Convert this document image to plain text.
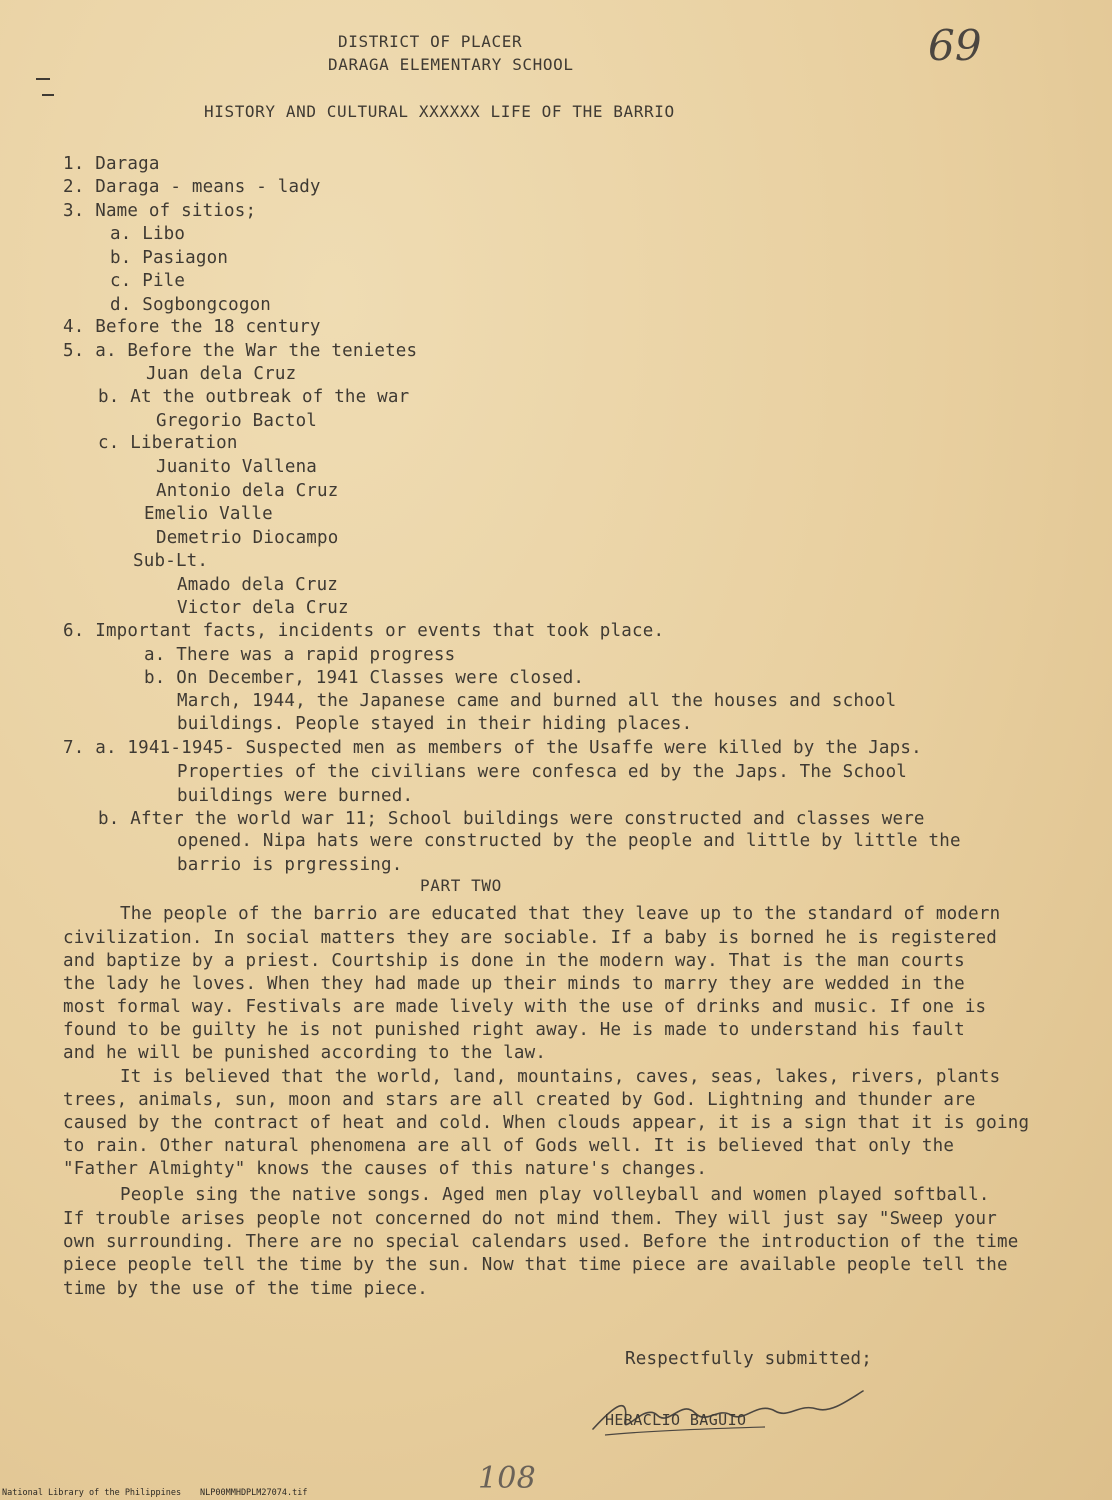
DISTRICT OF PLACER
DARAGA ELEMENTARY SCHOOL
HISTORY AND CULTURAL XXXXXX LIFE OF THE BARRIO
69
1. Daraga
2. Daraga - means - lady
3. Name of sitios;
a. Libo
b. Pasiagon
c. Pile
d. Sogbongcogon
4. Before the 18 century
5. a. Before the War the tenietes
Juan dela Cruz
b. At the outbreak of the war
Gregorio Bactol
c. Liberation
Juanito Vallena
Antonio dela Cruz
Emelio Valle
Demetrio Diocampo
Sub-Lt.
Amado dela Cruz
Victor dela Cruz
6. Important facts, incidents or events that took place.
a. There was a rapid progress
b. On December, 1941 Classes were closed.
March, 1944, the Japanese came and burned all the houses and school
buildings. People stayed in their hiding places.
7. a. 1941-1945- Suspected men as members of the Usaffe were killed by the Japs.
Properties of the civilians were confesca ed by the Japs. The School
buildings were burned.
b. After the world war 11; School buildings were constructed and classes were
opened. Nipa hats were constructed by the people and little by little the
barrio is prgressing.
PART TWO
The people of the barrio are educated that they leave up to the standard of modern
civilization. In social matters they are sociable. If a baby is borned he is registered
and baptize by a priest. Courtship is done in the modern way. That is the man courts
the lady he loves. When they had made up their minds to marry they are wedded in the
most formal way. Festivals are made lively with the use of drinks and music. If one is
found to be guilty he is not punished right away. He is made to understand his fault
and he will be punished according to the law.
It is believed that the world, land, mountains, caves, seas, lakes, rivers, plants
trees, animals, sun, moon and stars are all created by God. Lightning and thunder are
caused by the contract of heat and cold. When clouds appear, it is a sign that it is going
to rain. Other natural phenomena are all of Gods well. It is believed that only the
"Father Almighty" knows the causes of this nature's changes.
People sing the native songs. Aged men play volleyball and women played softball.
If trouble arises people not concerned do not mind them. They will just say "Sweep your
own surrounding. There are no special calendars used. Before the introduction of the time
piece people tell the time by the sun. Now that time piece are available people tell the
time by the use of the time piece.
Respectfully submitted;
HERACLIO BAGUIO
108
National Library of the Philippines NLP00MMHDPLM27074.tif
